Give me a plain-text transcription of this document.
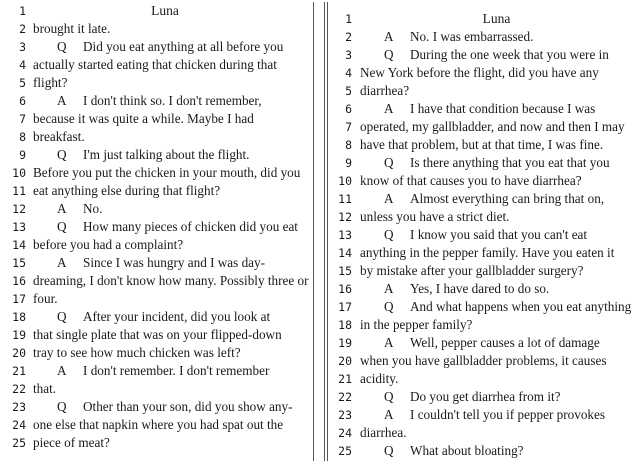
1	Luna
2 brought it late.
3	Q Did you eat anything at all before you
4 actually started eating that chicken during that
5 flight?
6	A I don't think so. I don't remember,
7 because it was quite a while. Maybe I had
8 breakfast.
9	Q I'm just talking about the flight.
10 Before you put the chicken in your mouth, did you
11 eat anything else during that flight?
12	A No.
13	Q How many pieces of chicken did you eat
14 before you had a complaint?
15	A Since I was hungry and I was day-
16 dreaming, I don't know how many. Possibly three or
17 four.
18	Q After your incident, did you look at
19 that single plate that was on your flipped-down
20 tray to see how much chicken was left?
21	A I don't remember. I don't remember
22 that.
23	Q Other than your son, did you show any-
24 one else that napkin where you had spat out the
25 piece of meat?
1	Luna
2	A No. I was embarrassed.
3	Q During the one week that you were in
4 New York before the flight, did you have any
5 diarrhea?
6	A I have that condition because I was
7 operated, my gallbladder, and now and then I may
8 have that problem, but at that time, I was fine.
9	Q Is there anything that you eat that you
10 know of that causes you to have diarrhea?
11	A Almost everything can bring that on,
12 unless you have a strict diet.
13	Q I know you said that you can't eat
14 anything in the pepper family. Have you eaten it
15 by mistake after your gallbladder surgery?
16	A Yes, I have dared to do so.
17	Q And what happens when you eat anything
18 in the pepper family?
19	A Well, pepper causes a lot of damage
20 when you have gallbladder problems, it causes
21 acidity.
22	Q Do you get diarrhea from it?
23	A I couldn't tell you if pepper provokes
24 diarrhea.
25	Q What about bloating?
